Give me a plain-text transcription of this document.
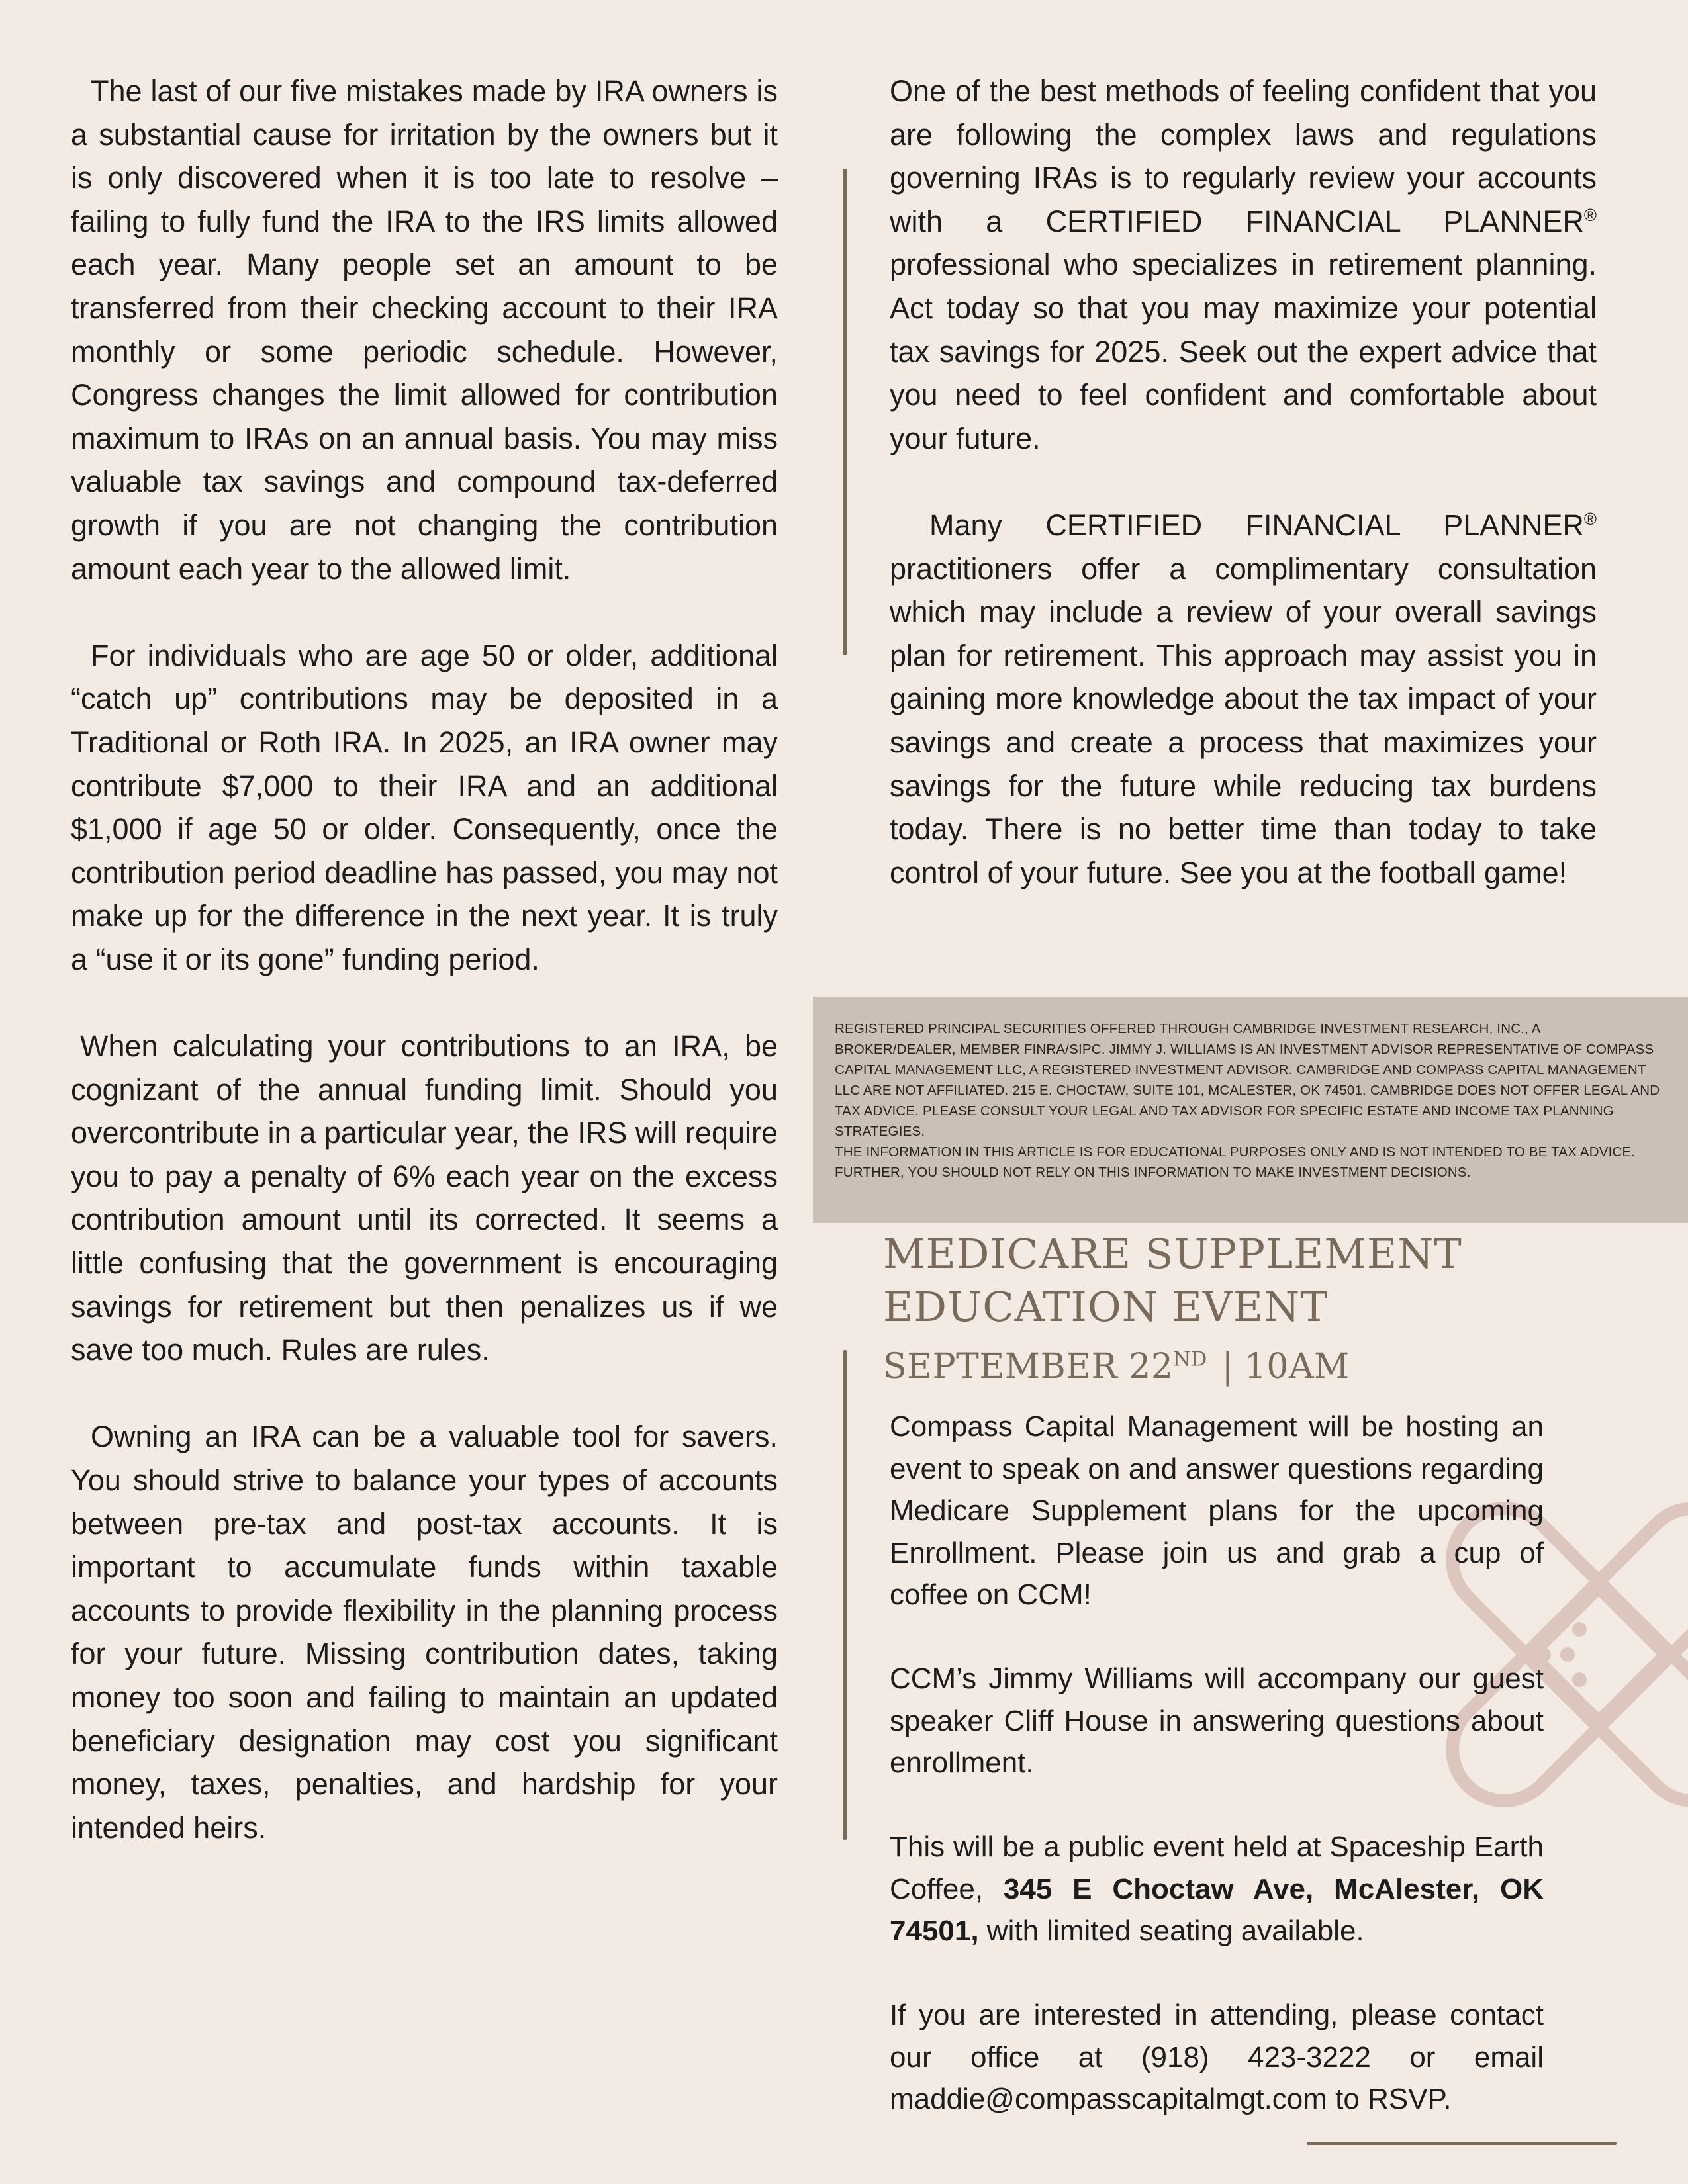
The last of our five mistakes made by IRA owners is a substantial cause for irritation by the owners but it is only discovered when it is too late to resolve – failing to fully fund the IRA to the IRS limits allowed each year. Many people set an amount to be transferred from their checking account to their IRA monthly or some periodic schedule. However, Congress changes the limit allowed for contribution maximum to IRAs on an annual basis. You may miss valuable tax savings and compound tax-deferred growth if you are not changing the contribution amount each year to the allowed limit.

For individuals who are age 50 or older, additional “catch up” contributions may be deposited in a Traditional or Roth IRA. In 2025, an IRA owner may contribute $7,000 to their IRA and an additional $1,000 if age 50 or older. Consequently, once the contribution period deadline has passed, you may not make up for the difference in the next year. It is truly a “use it or its gone” funding period.

When calculating your contributions to an IRA, be cognizant of the annual funding limit. Should you overcontribute in a particular year, the IRS will require you to pay a penalty of 6% each year on the excess contribution amount until its corrected. It seems a little confusing that the government is encouraging savings for retirement but then penalizes us if we save too much. Rules are rules.

Owning an IRA can be a valuable tool for savers. You should strive to balance your types of accounts between pre-tax and post-tax accounts. It is important to accumulate funds within taxable accounts to provide flexibility in the planning process for your future. Missing contribution dates, taking money too soon and failing to maintain an updated beneficiary designation may cost you significant money, taxes, penalties, and hardship for your intended heirs.

One of the best methods of feeling confident that you are following the complex laws and regulations governing IRAs is to regularly review your accounts with a CERTIFIED FINANCIAL PLANNER® professional who specializes in retirement planning. Act today so that you may maximize your potential tax savings for 2025. Seek out the expert advice that you need to feel confident and comfortable about your future.

Many CERTIFIED FINANCIAL PLANNER® practitioners offer a complimentary consultation which may include a review of your overall savings plan for retirement. This approach may assist you in gaining more knowledge about the tax impact of your savings and create a process that maximizes your savings for the future while reducing tax burdens today. There is no better time than today to take control of your future. See you at the football game!

REGISTERED PRINCIPAL SECURITIES OFFERED THROUGH CAMBRIDGE INVESTMENT RESEARCH, INC., A BROKER/DEALER, MEMBER FINRA/SIPC. JIMMY J. WILLIAMS IS AN INVESTMENT ADVISOR REPRESENTATIVE OF COMPASS CAPITAL MANAGEMENT LLC, A REGISTERED INVESTMENT ADVISOR. CAMBRIDGE AND COMPASS CAPITAL MANAGEMENT LLC ARE NOT AFFILIATED. 215 E. CHOCTAW, SUITE 101, MCALESTER, OK 74501. CAMBRIDGE DOES NOT OFFER LEGAL AND TAX ADVICE. PLEASE CONSULT YOUR LEGAL AND TAX ADVISOR FOR SPECIFIC ESTATE AND INCOME TAX PLANNING STRATEGIES.

THE INFORMATION IN THIS ARTICLE IS FOR EDUCATIONAL PURPOSES ONLY AND IS NOT INTENDED TO BE TAX ADVICE. FURTHER, YOU SHOULD NOT RELY ON THIS INFORMATION TO MAKE INVESTMENT DECISIONS.

MEDICARE SUPPLEMENT
EDUCATION EVENT
SEPTEMBER 22ND | 10AM

Compass Capital Management will be hosting an event to speak on and answer questions regarding Medicare Supplement plans for the upcoming Enrollment. Please join us and grab a cup of coffee on CCM!

CCM’s Jimmy Williams will accompany our guest speaker Cliff House in answering questions about enrollment.

This will be a public event held at Spaceship Earth Coffee, 345 E Choctaw Ave, McAlester, OK 74501, with limited seating available.

If you are interested in attending, please contact our office at (918) 423-3222 or email maddie@compasscapitalmgt.com to RSVP.
